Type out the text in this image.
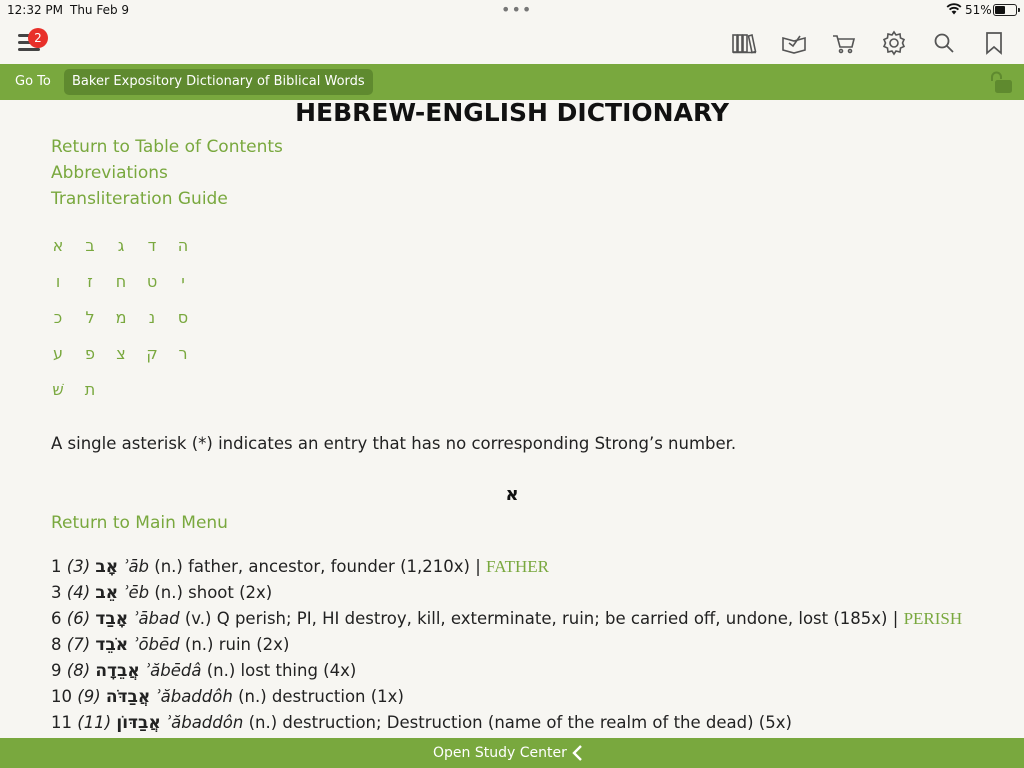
12:32 PM Thu Feb 9	•••	51%
2
Go To	Baker Expository Dictionary of Biblical Words
HEBREW-ENGLISH DICTIONARY
Return to Table of Contents
Abbreviations
Transliteration Guide
א	ב	ג	ד	ה
ו	ז	ח	ט	י
כ	ל	מ	נ	ס
ע	פ	צ	ק	ר
שׁ ת
A single asterisk (*) indicates an entry that has no corresponding Strong’s number.
א
Return to Main Menu
1 (3) אָב ʾāb (n.) father, ancestor, founder (1,210x) | FATHER
3 (4) אֵב ʾēb (n.) shoot (2x)
6 (6) אָבַד ʾābad (v.) Q perish; PI, HI destroy, kill, exterminate, ruin; be carried off, undone, lost (185x) | PERISH
8 (7) אֹבֵד ʾōbēd (n.) ruin (2x)
9 (8) אֲבֵדָה ʾăbēdâ (n.) lost thing (4x)
10 (9) אֲבַדֹּה ʾăbaddôh (n.) destruction (1x)
11 (11) אֲבַדּוֹן ʾăbaddôn (n.) destruction; Destruction (name of the realm of the dead) (5x)
Open Study Center
